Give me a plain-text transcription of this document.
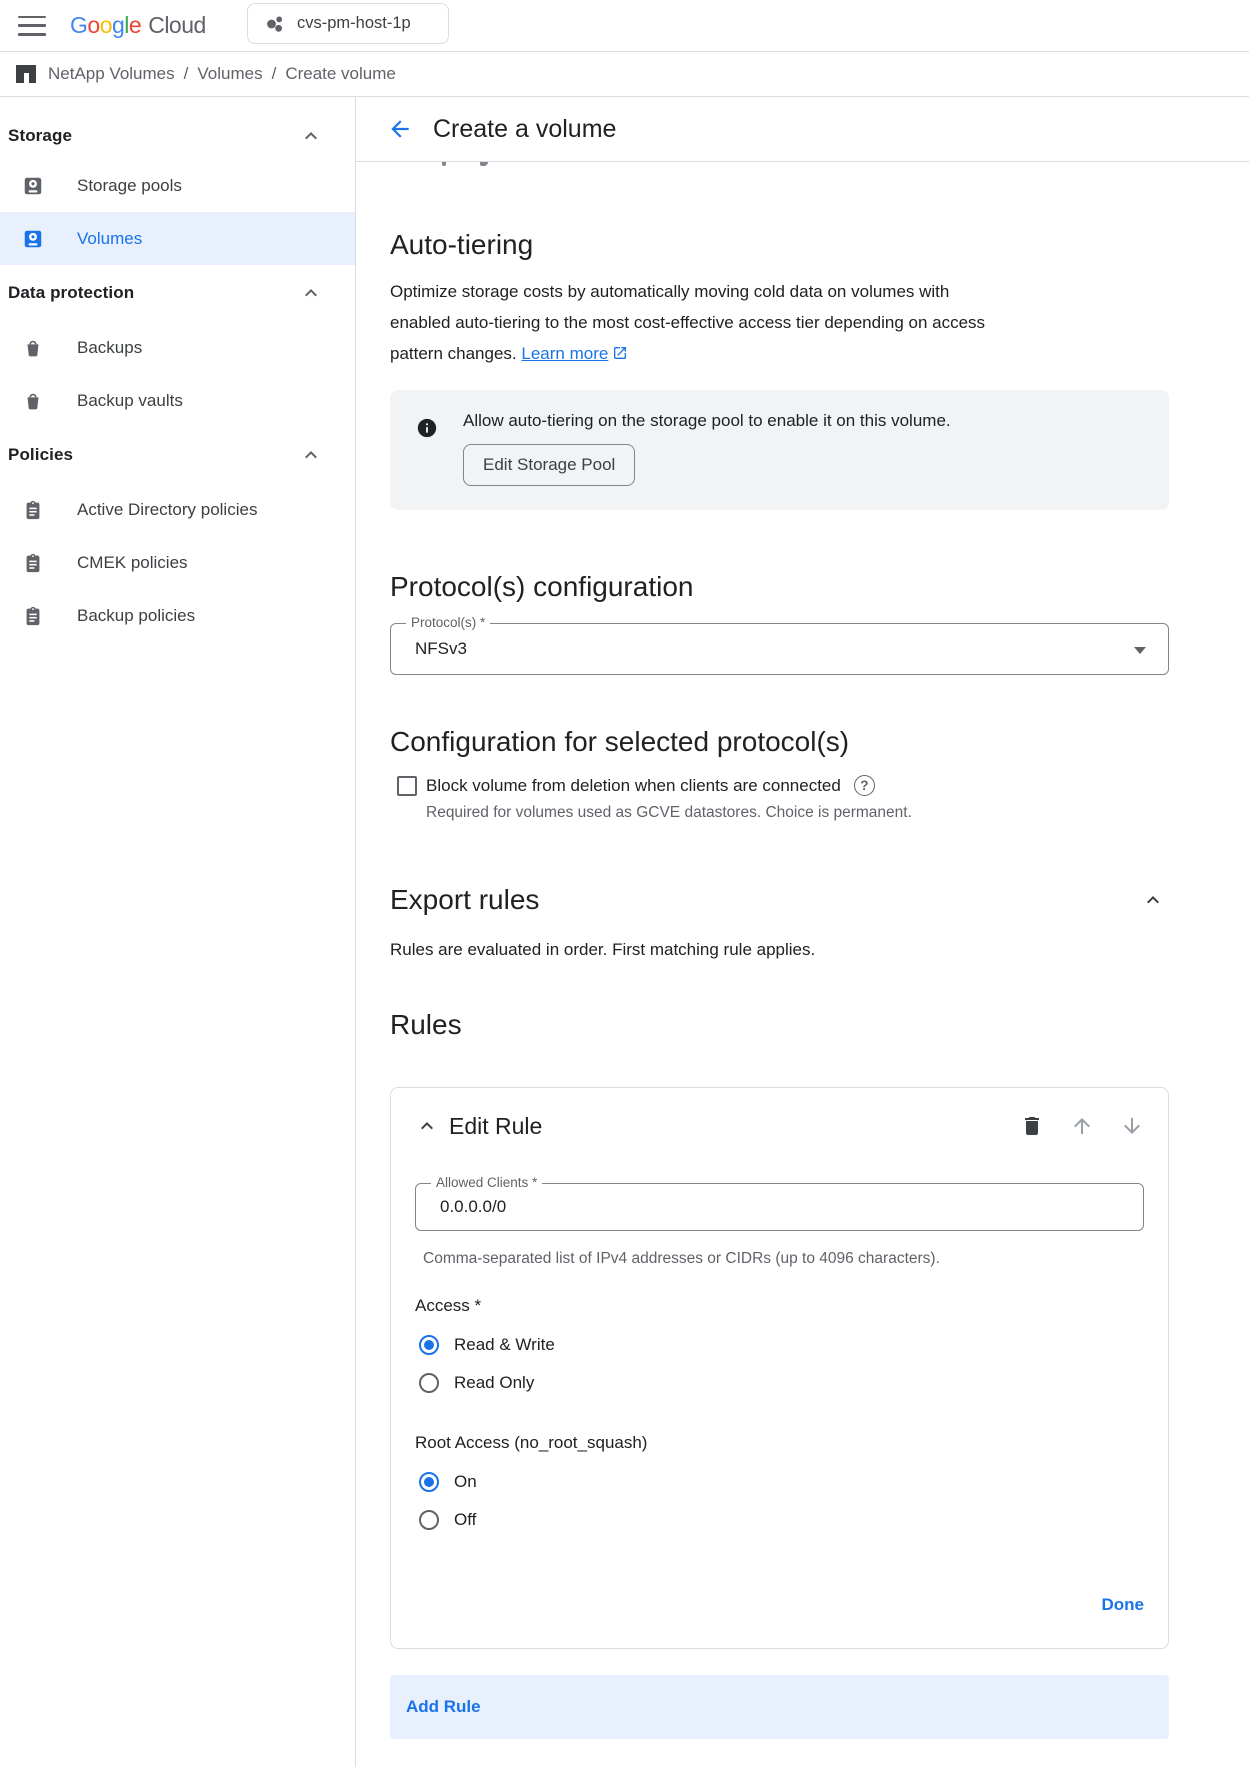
G o o g l e Cloud	cvs-pm-host-1p
NetApp Volumes / Volumes / Create volume
Storage
Storage pools
Volumes
Data protection
Backups
Backup vaults
Policies
Active Directory policies
CMEK policies
Backup policies
Create a volume
Auto-tiering

Optimize storage costs by automatically moving cold data on volumes with
enabled auto-tiering to the most cost-effective access tier depending on access
pattern changes. Learn more

Allow auto-tiering on the storage pool to enable it on this volume.
Edit Storage Pool
Protocol(s) configuration
Protocol(s) *
NFSv3
Configuration for selected protocol(s)
Block volume from deletion when clients are connected	?
Required for volumes used as GCVE datastores. Choice is permanent.
Export rules
Rules are evaluated in order. First matching rule applies.
Rules
Edit Rule
Allowed Clients *
0.0.0.0/0
Comma-separated list of IPv4 addresses or CIDRs (up to 4096 characters).
Access *
Read & Write
Read Only
Root Access (no_root_squash)
On
Off
Done
Add Rule
